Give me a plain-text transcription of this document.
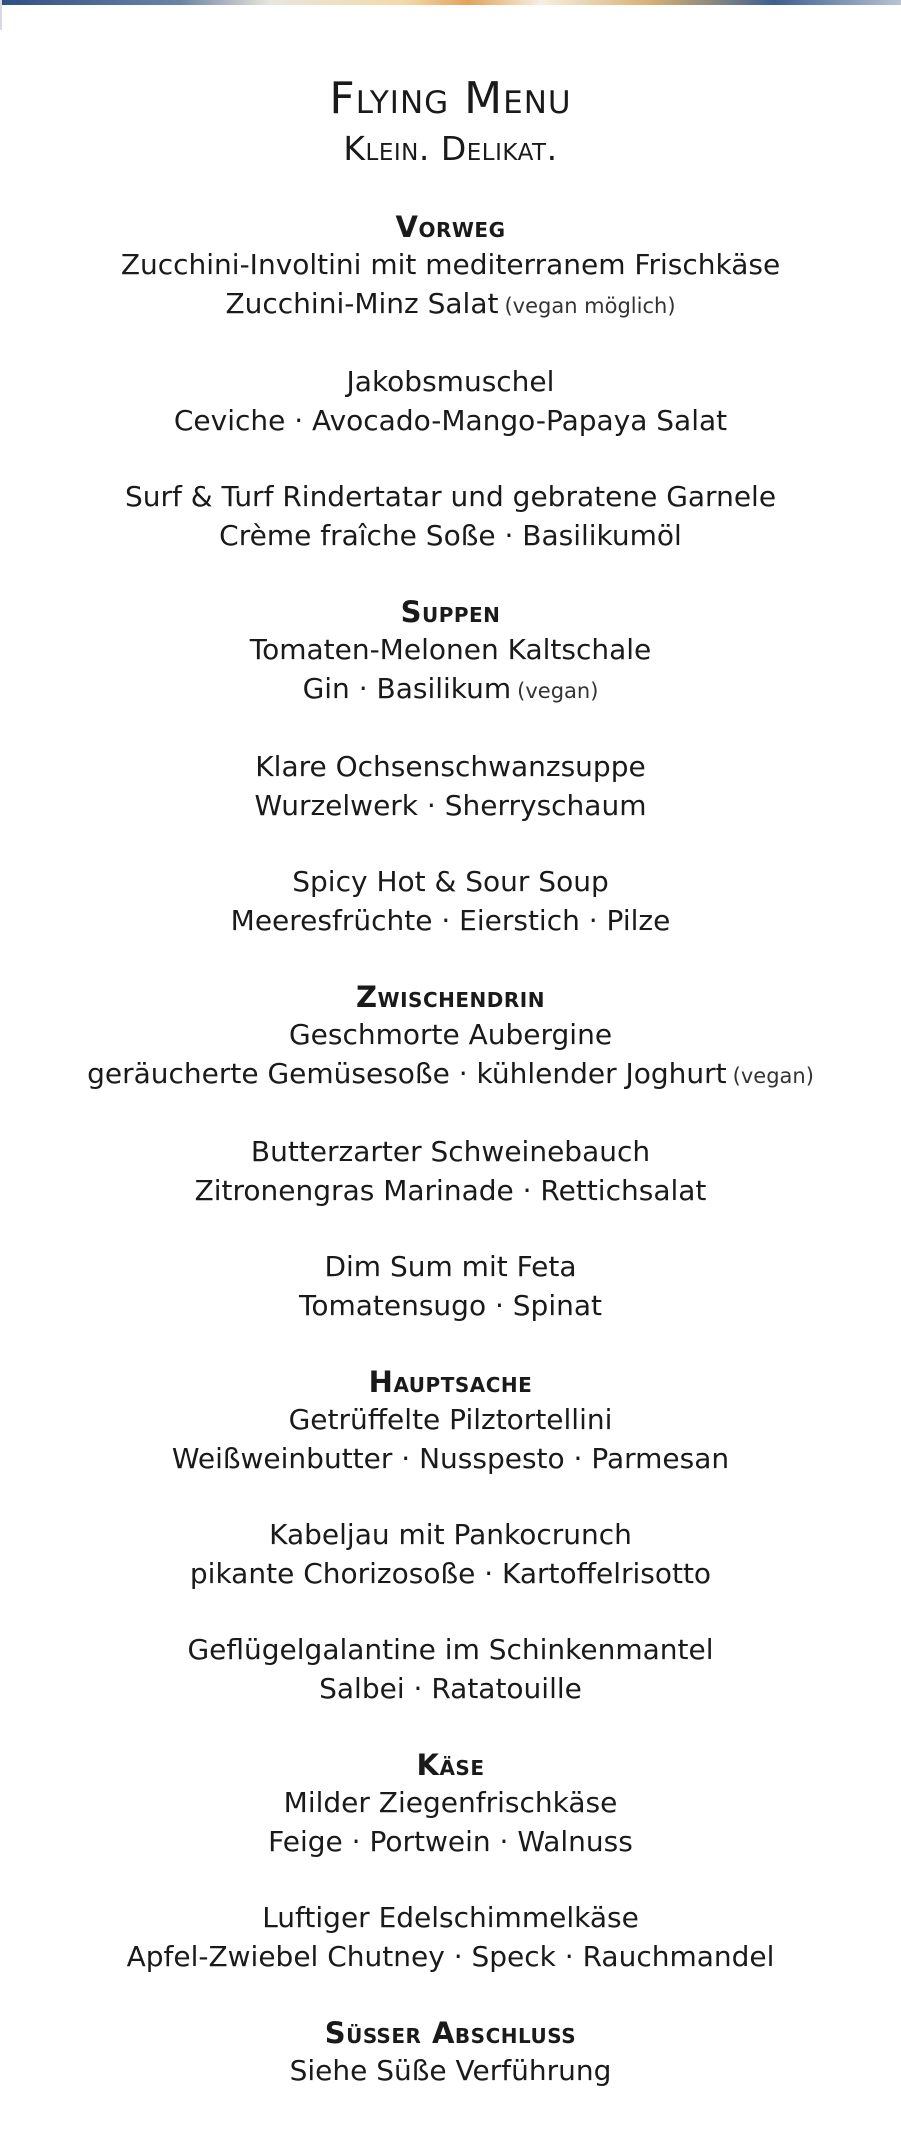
Flying Menu
Klein. Delikat.
Vorweg
Zucchini-Involtini mit mediterranem Frischkäse
Zucchini-Minz Salat (vegan möglich)
Jakobsmuschel
Ceviche · Avocado-Mango-Papaya Salat
Surf & Turf Rindertatar und gebratene Garnele
Crème fraîche Soße · Basilikumöl
Suppen
Tomaten-Melonen Kaltschale
Gin · Basilikum (vegan)
Klare Ochsenschwanzsuppe
Wurzelwerk · Sherryschaum
Spicy Hot & Sour Soup
Meeresfrüchte · Eierstich · Pilze
Zwischendrin
Geschmorte Aubergine
geräucherte Gemüsesoße · kühlender Joghurt (vegan)
Butterzarter Schweinebauch
Zitronengras Marinade · Rettichsalat
Dim Sum mit Feta
Tomatensugo · Spinat
Hauptsache
Getrüffelte Pilztortellini
Weißweinbutter · Nusspesto · Parmesan
Kabeljau mit Pankocrunch
pikante Chorizosoße · Kartoffelrisotto
Geflügelgalantine im Schinkenmantel
Salbei · Ratatouille
Käse
Milder Ziegenfrischkäse
Feige · Portwein · Walnuss
Luftiger Edelschimmelkäse
Apfel-Zwiebel Chutney · Speck · Rauchmandel
Süßer Abschluss
Siehe Süße Verführung
